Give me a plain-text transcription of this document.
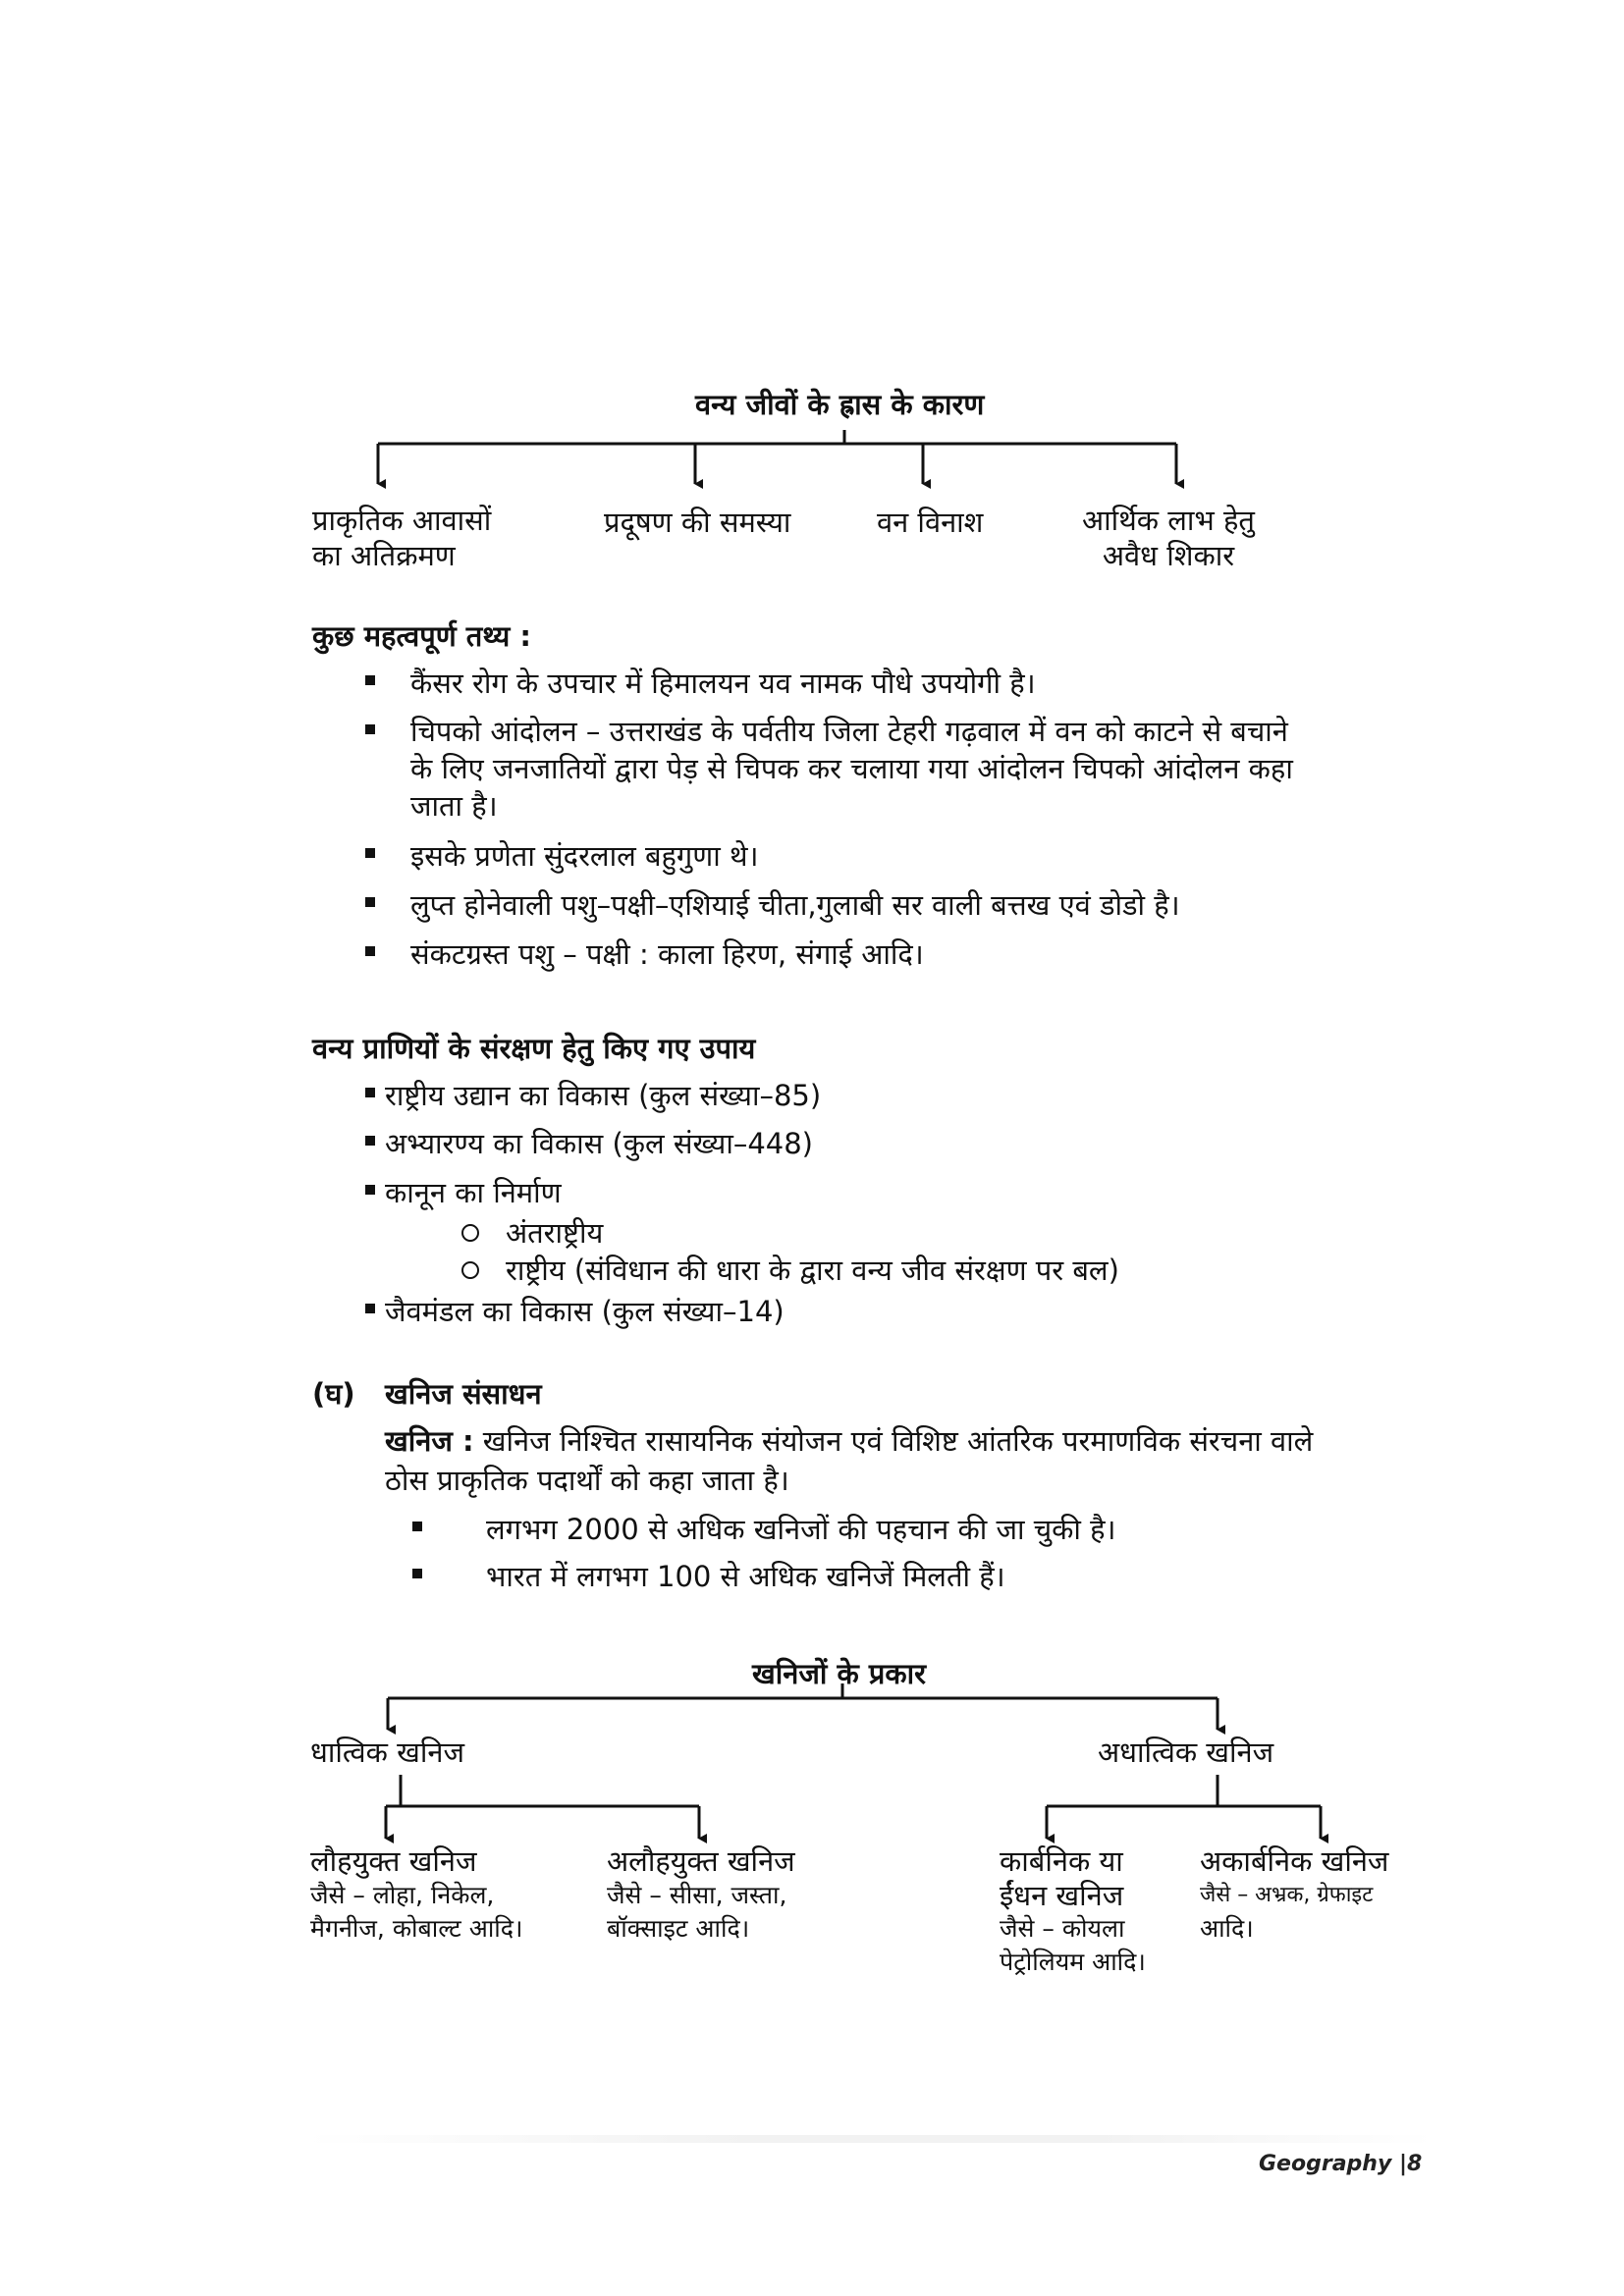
वन्य जीवों के ह्रास के कारण
प्राकृतिक आवासों
का अतिक्रमण
प्रदूषण की समस्या	वन विनाश	आर्थिक लाभ हेतु
अवैध शिकार
कुछ महत्वपूर्ण तथ्य :
कैंसर रोग के उपचार में हिमालयन यव नामक पौधे उपयोगी है।
चिपको आंदोलन – उत्तराखंड के पर्वतीय जिला टेहरी गढ़वाल में वन को काटने से बचाने
के लिए जनजातियों द्वारा पेड़ से चिपक कर चलाया गया आंदोलन चिपको आंदोलन कहा
जाता है।
इसके प्रणेता सुंदरलाल बहुगुणा थे।
लुप्त होनेवाली पशु–पक्षी–एशियाई चीता,गुलाबी सर वाली बत्तख एवं डोडो है।
संकटग्रस्त पशु – पक्षी : काला हिरण, संगाई आदि।
वन्य प्राणियों के संरक्षण हेतु किए गए उपाय
राष्ट्रीय उद्यान का विकास (कुल संख्या–85)
अभ्यारण्य का विकास (कुल संख्या–448)
कानून का निर्माण
अंतराष्ट्रीय
राष्ट्रीय (संविधान की धारा के द्वारा वन्य जीव संरक्षण पर बल)
जैवमंडल का विकास (कुल संख्या–14)
(घ) खनिज संसाधन
खनिज : खनिज निश्चित रासायनिक संयोजन एवं विशिष्ट आंतरिक परमाणविक संरचना वाले
ठोस प्राकृतिक पदार्थों को कहा जाता है।
लगभग 2000 से अधिक खनिजों की पहचान की जा चुकी है।
भारत में लगभग 100 से अधिक खनिजें मिलती हैं।
खनिजों के प्रकार
धात्विक खनिज	अधात्विक खनिज
लौहयुक्त खनिज
जैसे – लोहा, निकेल,
मैगनीज, कोबाल्ट आदि।
अलौहयुक्त खनिज
जैसे – सीसा, जस्ता,
बॉक्साइट आदि।
कार्बनिक या
ईंधन खनिज
जैसे – कोयला
पेट्रोलियम आदि।
अकार्बनिक खनिज
जैसे – अभ्रक, ग्रेफाइट
आदि।
Geography |8
